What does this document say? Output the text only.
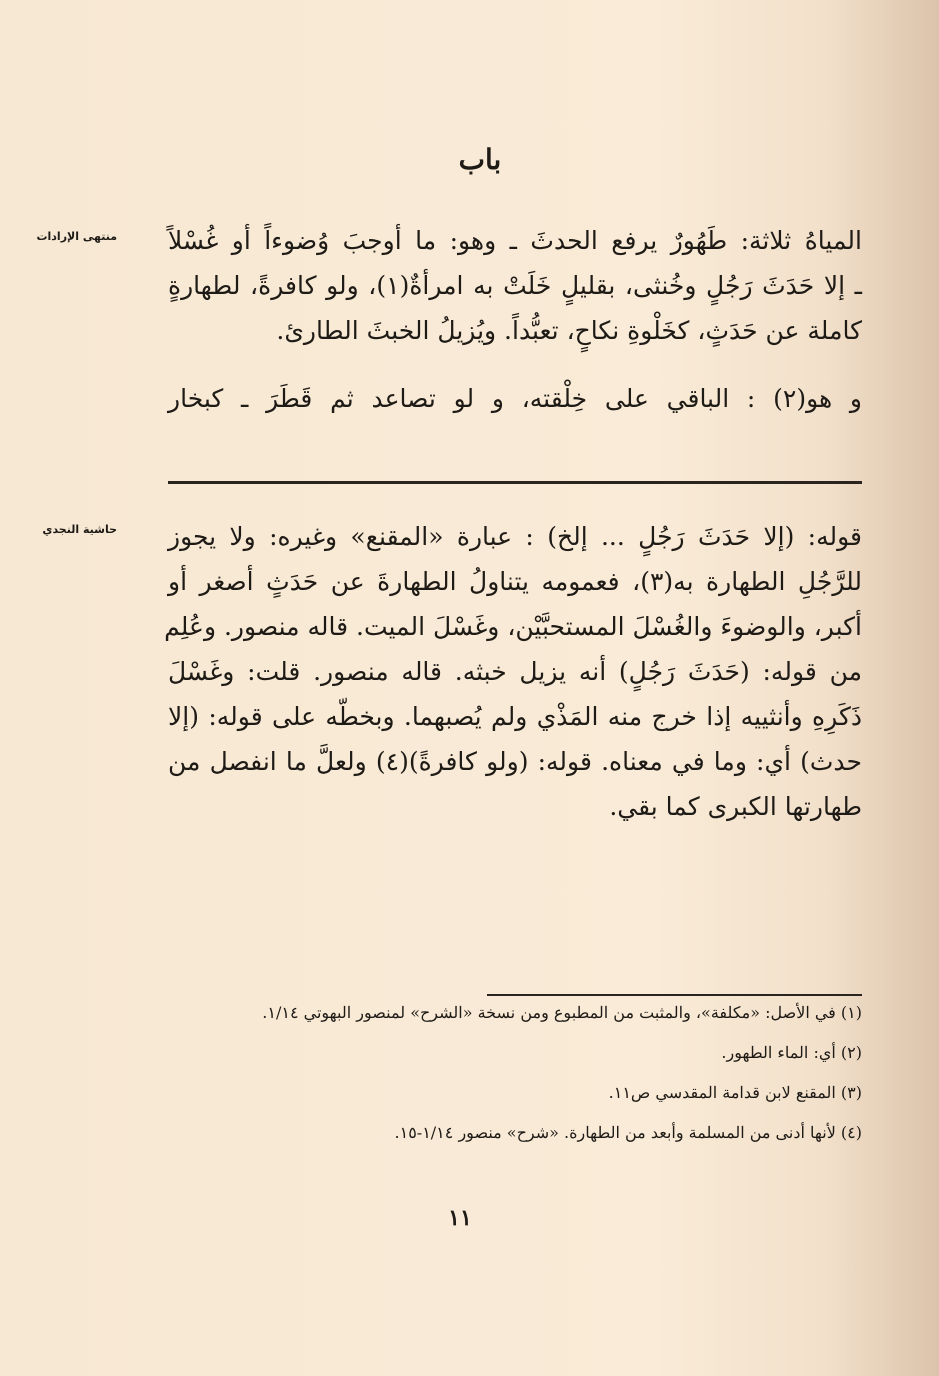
باب
منتهى الإرادات المياهُ ثلاثة: طَهُورٌ يرفع الحدثَ ـ وهو: ما أوجبَ وُضوءاً أو غُسْلاً
ـ إلا حَدَثَ رَجُلٍ وخُنثى، بقليلٍ خَلَتْ به امرأةٌ(١)، ولو كافرةً، لطهارةٍ
كاملة عن حَدَثٍ، كخَلْوةِ نكاحٍ، تعبُّداً. ويُزيلُ الخبثَ الطارئ.
و هو(٢) : الباقي على خِلْقته، و لو تصاعد ثم قَطَرَ ـ كبخار
حاشية النجدي قوله: (إلا حَدَثَ رَجُلٍ ... إلخ) : عبارة «المقنع» وغيره: ولا يجوز
للرَّجُلِ الطهارة به(٣)، فعمومه يتناولُ الطهارةَ عن حَدَثٍ أصغر أو
أكبر، والوضوءَ والغُسْلَ المستحبَّيْن، وغَسْلَ الميت. قاله منصور. وعُلِم
من قوله: (حَدَثَ رَجُلٍ) أنه يزيل خبثه. قاله منصور. قلت: وغَسْلَ
ذَكَرِهِ وأنثييه إذا خرج منه المَذْي ولم يُصبهما. وبخطّه على قوله: (إلا
حدث) أي: وما في معناه. قوله: (ولو كافرةً)(٤) ولعلَّ ما انفصل من
طهارتها الكبرى كما بقي.
(١) في الأصل: «مكلفة»، والمثبت من المطبوع ومن نسخة «الشرح» لمنصور البهوتي ١/١٤.
(٢) أي: الماء الطهور.
(٣) المقنع لابن قدامة المقدسي ص١١.
(٤) لأنها أدنى من المسلمة وأبعد من الطهارة. «شرح» منصور ١/١٤-١٥.
١١
